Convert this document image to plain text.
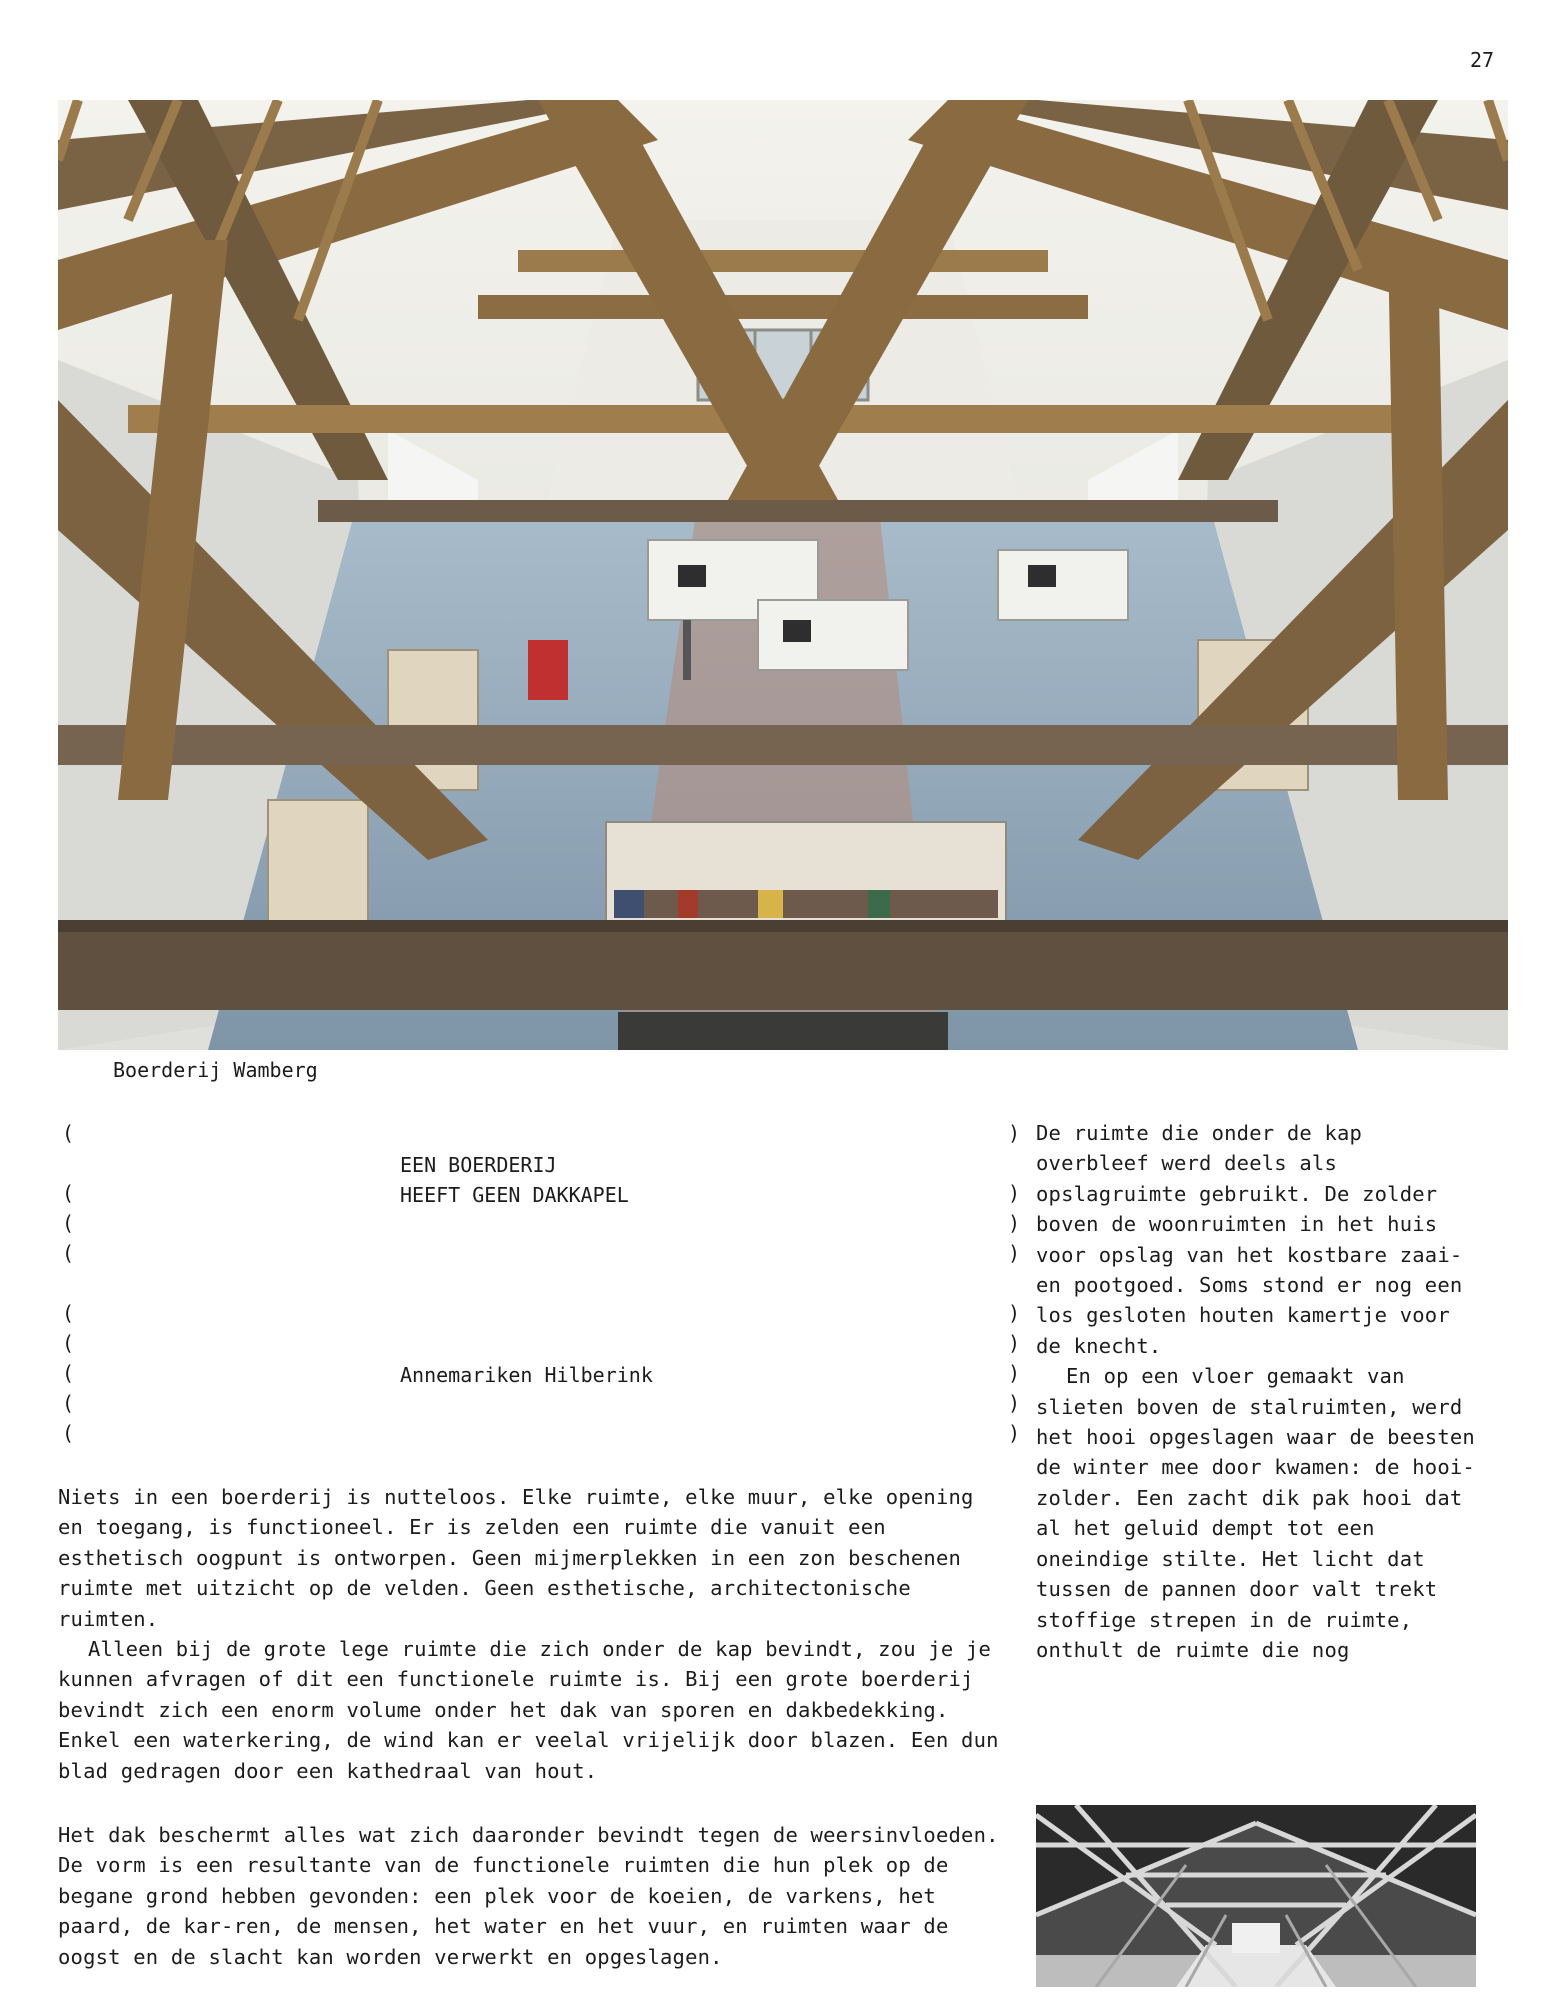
27
Boerderij Wamberg
(
(
(
(
(
(
(
(
(
EEN BOERDERIJ
HEEFT GEEN DAKKAPEL
Annemariken Hilberink
)
)
)
)
)
)
)
)
)

Niets in een boerderij is nutteloos. Elke ruimte, elke muur, elke opening en toegang, is functioneel. Er is zelden een ruimte die vanuit een esthetisch oogpunt is ontworpen. Geen mijmerplekken in een zon beschenen ruimte met uitzicht op de velden. Geen esthetische, architectonische ruimten.

Alleen bij de grote lege ruimte die zich onder de kap bevindt, zou je je kunnen afvragen of dit een functionele ruimte is. Bij een grote boerderij bevindt zich een enorm volume onder het dak van sporen en dakbedekking. Enkel een waterkering, de wind kan er veelal vrijelijk door blazen. Een dun blad gedragen door een kathedraal van hout.

Het dak beschermt alles wat zich daaronder bevindt tegen de weersinvloeden. De vorm is een resultante van de functionele ruimten die hun plek op de begane grond hebben gevonden: een plek voor de koeien, de varkens, het paard, de kar-ren, de mensen, het water en het vuur, en ruimten waar de oogst en de slacht kan worden verwerkt en opgeslagen.

De ruimte die onder de kap overbleef werd deels als opslagruimte gebruikt. De zolder boven de woonruimten in het huis voor opslag van het kostbare zaai- en pootgoed. Soms stond er nog een los gesloten houten kamertje voor de knecht.

En op een vloer gemaakt van slieten boven de stalruimten, werd het hooi opgeslagen waar de beesten de winter mee door kwamen: de hooi-zolder. Een zacht dik pak hooi dat al het geluid dempt tot een oneindige stilte. Het licht dat tussen de pannen door valt trekt stoffige strepen in de ruimte, onthult de ruimte die nog
